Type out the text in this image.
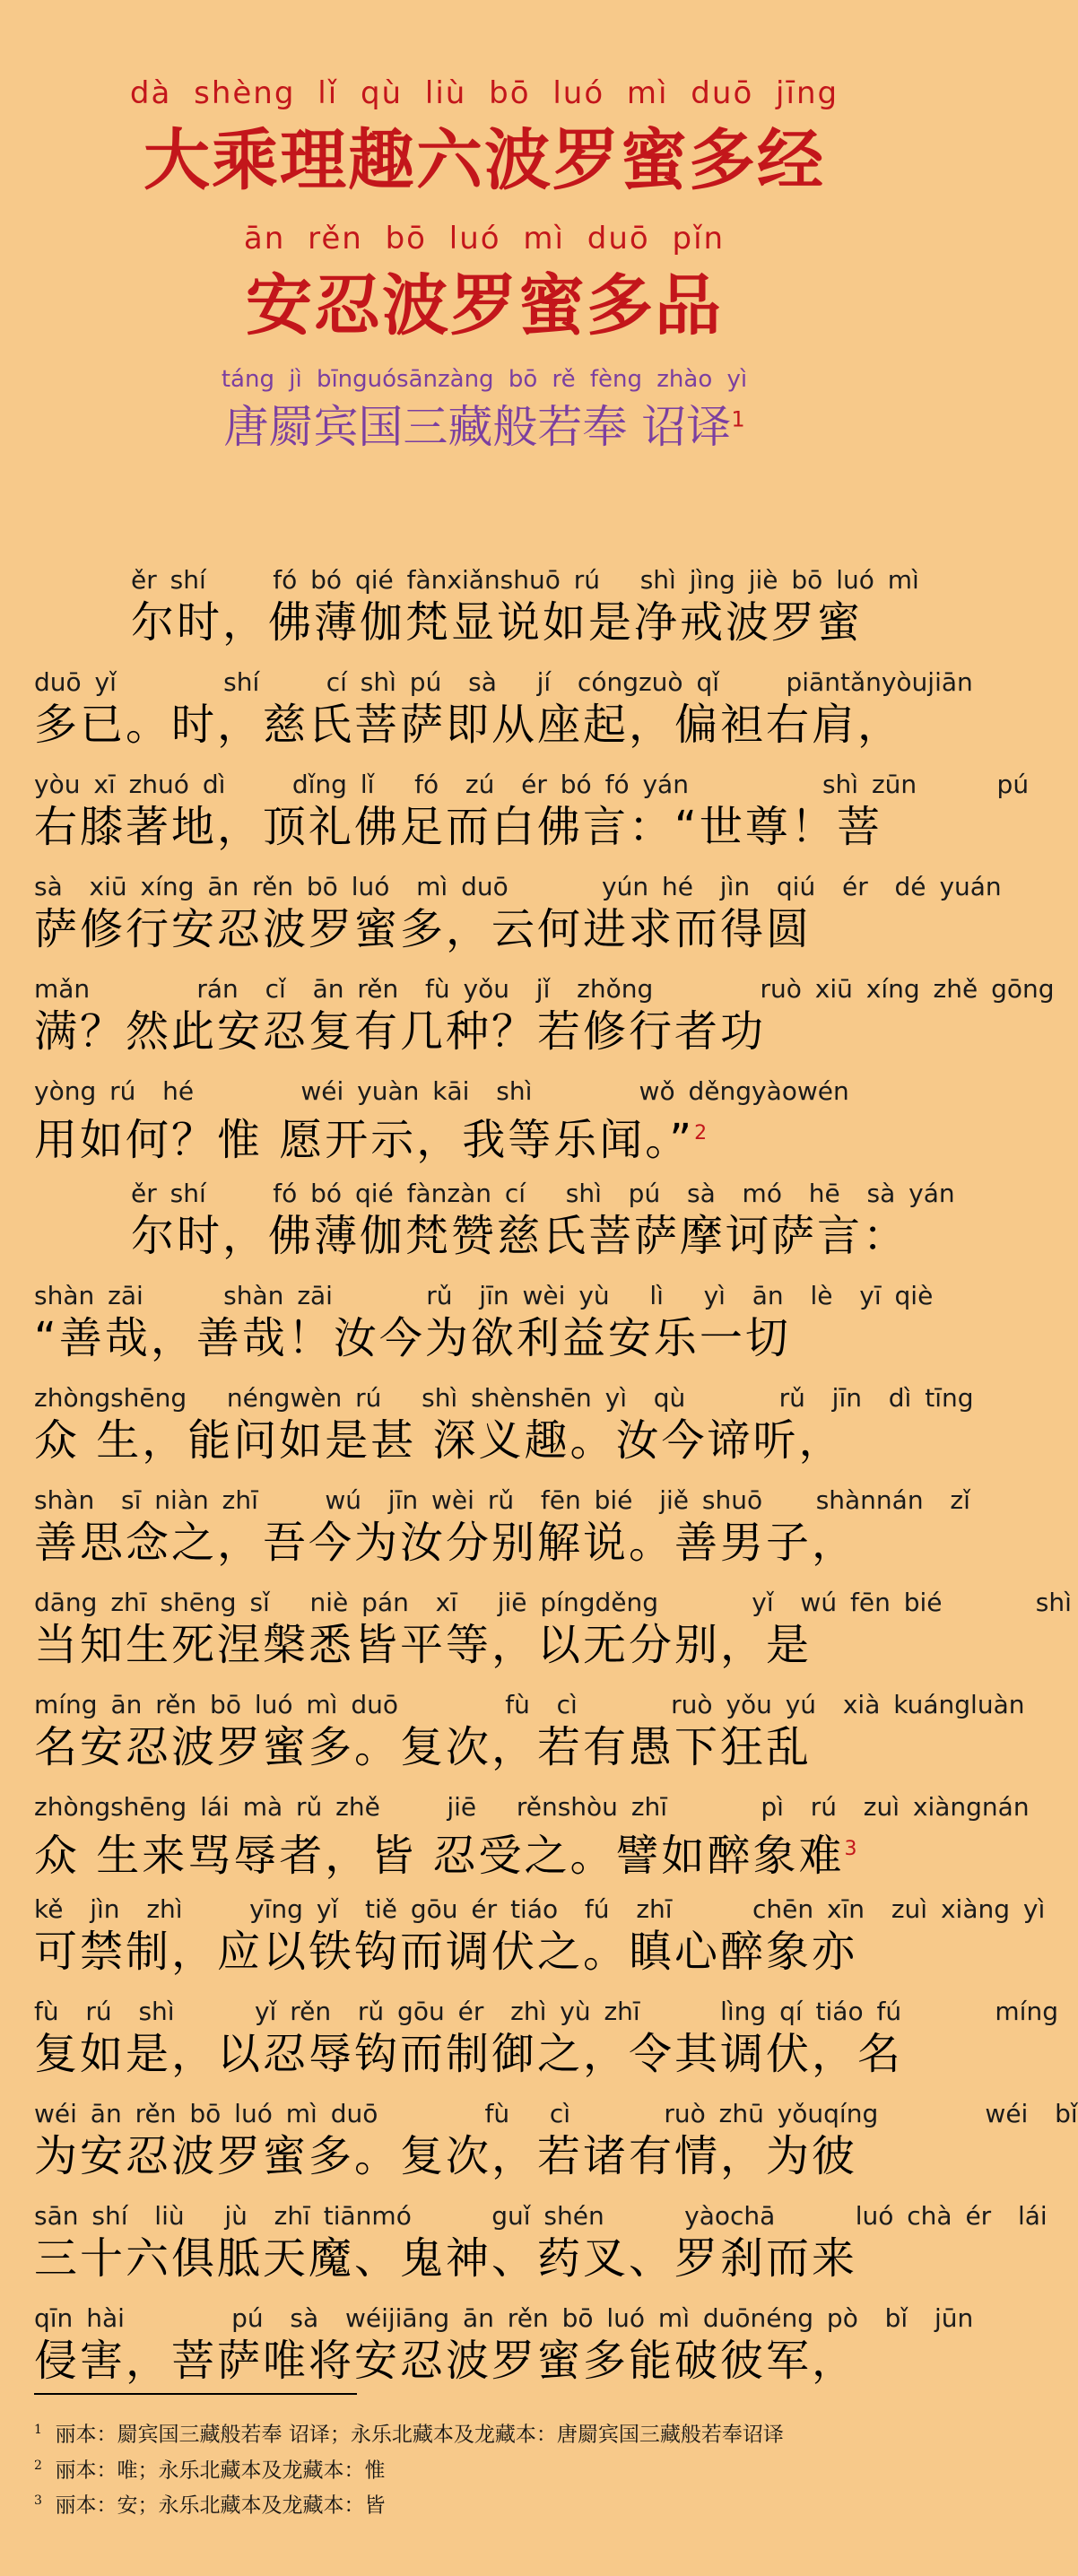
dà shèng lǐ qù liù bō luó mì duō jīng
大乘理趣六波罗蜜多经
ān rěn bō luó mì duō pǐn
安忍波罗蜜多品
táng jì bīnguósānzàng bō rě fèng zhào yì
唐罽宾国三藏般若奉 诏译$^1$
ěr shí     fó bó qié fànxiǎnshuō rú   shì jìng jiè bō luó mì
尔时，佛薄伽梵显说如是净戒波罗蜜
duō yǐ        shí     cí shì pú  sà   jí  cóngzuò qǐ     piāntǎnyòujiān
多已。时，慈氏菩萨即从座起，偏袒右肩，
yòu xī zhuó dì     dǐng lǐ   fó  zú  ér bó fó yán          shì zūn      pú
右膝著地，顶礼佛足而白佛言：“世尊！菩
sà  xiū xíng ān rěn bō luó  mì duō       yún hé  jìn  qiú  ér  dé yuán
萨修行安忍波罗蜜多，云何进求而得圆
mǎn        rán  cǐ  ān rěn  fù yǒu  jǐ  zhǒng        ruò xiū xíng zhě gōng
满？然此安忍复有几种？若修行者功
yòng rú  hé        wéi yuàn kāi  shì        wǒ děngyàowén
用如何？惟 愿开示，我等乐闻。”$^2$
ěr shí     fó bó qié fànzàn cí   shì  pú  sà  mó  hē  sà yán
尔时，佛薄伽梵赞慈氏菩萨摩诃萨言：
shàn zāi      shàn zāi       rǔ  jīn wèi yù   lì   yì  ān  lè  yī qiè
“善哉，善哉！汝今为欲利益安乐一切
zhòngshēng   néngwèn rú   shì shènshēn yì  qù       rǔ  jīn  dì tīng
众 生，能问如是甚 深义趣。汝今谛听，
shàn  sī niàn zhī     wú  jīn wèi rǔ  fēn bié  jiě shuō    shànnán  zǐ
善思念之，吾今为汝分别解说。善男子，
dāng zhī shēng sǐ   niè pán  xī   jiē píngděng       yǐ  wú fēn bié       shì
当知生死涅槃悉皆平等，以无分别，是
míng ān rěn bō luó mì duō        fù  cì       ruò yǒu yú  xià kuángluàn
名安忍波罗蜜多。复次，若有愚下狂乱
zhòngshēng lái mà rǔ zhě     jiē   rěnshòu zhī       pì  rú  zuì xiàngnán
众 生来骂辱者，皆 忍受之。譬如醉象难$^3$
kě  jìn  zhì     yīng yǐ  tiě gōu ér tiáo  fú  zhī      chēn xīn  zuì xiàng yì
可禁制，应以铁钩而调伏之。瞋心醉象亦
fù  rú  shì      yǐ rěn  rǔ gōu ér  zhì yù zhī      lìng qí tiáo fú       míng
复如是，以忍辱钩而制御之，令其调伏，名
wéi ān rěn bō luó mì duō        fù   cì       ruò zhū yǒuqíng        wéi  bǐ
为安忍波罗蜜多。复次，若诸有情，为彼
sān shí  liù   jù  zhī tiānmó      guǐ shén      yàochā      luó chà ér  lái
三十六俱胝天魔、鬼神、药叉、罗刹而来
qīn hài        pú  sà  wéijiāng ān rěn bō luó mì duōnéng pò  bǐ  jūn
侵害，菩萨唯将安忍波罗蜜多能破彼军，
$^1$ 丽本：罽宾国三藏般若奉 诏译；永乐北藏本及龙藏本：唐罽宾国三藏般若奉诏译
$^2$ 丽本：唯；永乐北藏本及龙藏本：惟
$^3$ 丽本：安；永乐北藏本及龙藏本：皆
